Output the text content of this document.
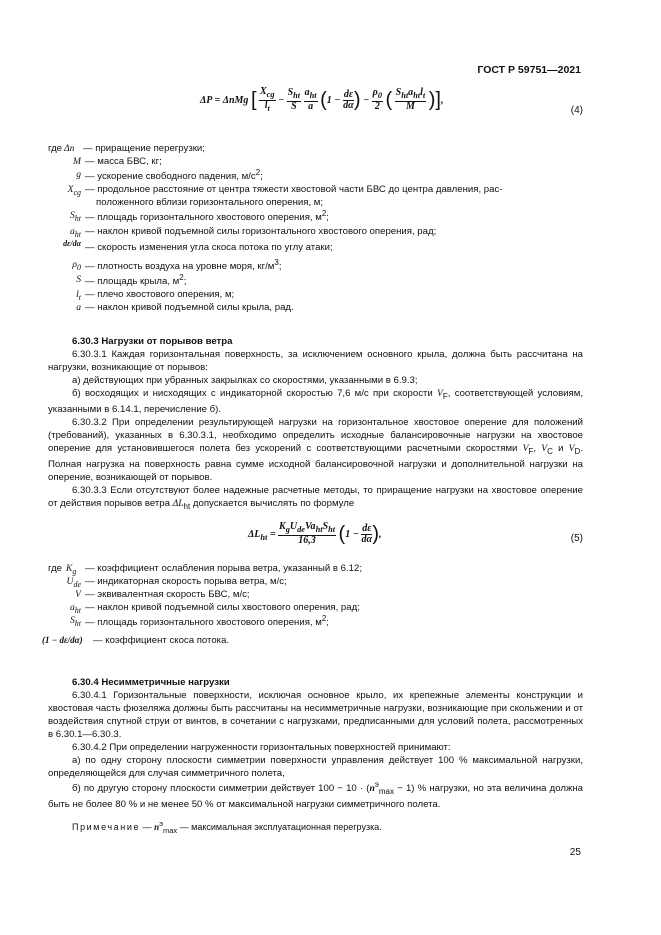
ГОСТ Р 59751—2021
ΔP = ΔnMg [ $\frac{X_{cg}}{l_t} - \frac{S_{ht}}{S}$
$\frac{a_{ht}}{a} (1 - \frac{d\varepsilon}{d\alpha}$ ) − $\frac{\rho_0}{2}$ ( $\frac{S_{ht}a_{ht}l_t}{M}$ )],
(4)
где Δn — приращение перегрузки;
M — масса БВС, кг;
g — ускорение свободного падения, $м/с^2$;
$X_{cg}$ — продольное расстояние от центра тяжести хвостовой части БВС до центра давления, рас-
положенного вблизи горизонтального оперения, м;
$S_{ht}$ — площадь горизонтального хвостового оперения, $м^2$;
$a_{ht}$ — наклон кривой подъемной силы горизонтального хвостового оперения, рад;
dε/dα — скорость изменения угла скоса потока по углу атаки;
$\rho_0$ — плотность воздуха на уровне моря, $кг/м^3$;
S — площадь крыла, $м^2$;
$l_t$ — плечо хвостового оперения, м;
a — наклон кривой подъемной силы крыла, рад.

6.30.3 Нагрузки от порывов ветра

6.30.3.1 Каждая горизонтальная поверхность, за исключением основного крыла, должна быть рассчитана на нагрузки, возникающие от порывов:

а) действующих при убранных закрылках со скоростями, указанными в 6.9.3;

б) восходящих и нисходящих с индикаторной скоростью 7,6 м/с при скорости $V_F$, соответствующей условиям, указанными в 6.14.1, перечисление б).

6.30.3.2 При определении результирующей нагрузки на горизонтальное хвостовое оперение для положений (требований), указанных в 6.30.3.1, необходимо определить исходные балансировочные нагрузки на хвостовое оперение для установившегося полета без ускорений с соответствующими расчетными скоростями $V_F$, $V_C$ и $V_D$. Полная нагрузка на поверхность равна сумме исходной балансировочной нагрузки и дополнительной нагрузки на оперение, возникающей от порывов.

6.30.3.3 Если отсутствуют более надежные расчетные методы, то приращение нагрузки на хвостовое оперение от действия порывов ветра $\Delta L_{ht}$ допускается вычислять по формуле

$\Delta L_{ht} = \frac{K_gU_{de}Va_{ht}S_{ht}}{16,3} (1 - \frac{d\varepsilon}{d\alpha}$ ),	(5)
где $K_g$ — коэффициент ослабления порыва ветра, указанный в 6.12;
$U_{de}$ — индикаторная скорость порыва ветра, м/с;
V — эквивалентная скорость БВС, м/с;
$a_{ht}$ — наклон кривой подъемной силы хвостового оперения, рад;
$S_{ht}$ — площадь горизонтального хвостового оперения, $м^2$;
(1 − dε/dα) — коэффициент скоса потока.

6.30.4 Несимметричные нагрузки

6.30.4.1 Горизонтальные поверхности, исключая основное крыло, их крепежные элементы конструкции и хвостовая часть фюзеляжа должны быть рассчитаны на несимметричные нагрузки, возникающие при скольжении и от воздействия спутной струи от винтов, в сочетании с нагрузками, предписанными для условий полета, рассмотренных в 6.30.1—6.30.3.

6.30.4.2 При определении нагруженности горизонтальных поверхностей принимают:

а) по одну сторону плоскости симметрии поверхности управления действует 100 % максимальной нагрузки, определяющейся для случая симметричного полета,

б) по другую сторону плоскости симметрии действует $100 - 10 \cdot (n^э_{max} - 1)$ % нагрузки, но эта величина должна быть не более 80 % и не менее 50 % от максимальной нагрузки симметричного полета.

Примечание — $n^э_{max}$ — максимальная эксплуатационная перегрузка.

25
